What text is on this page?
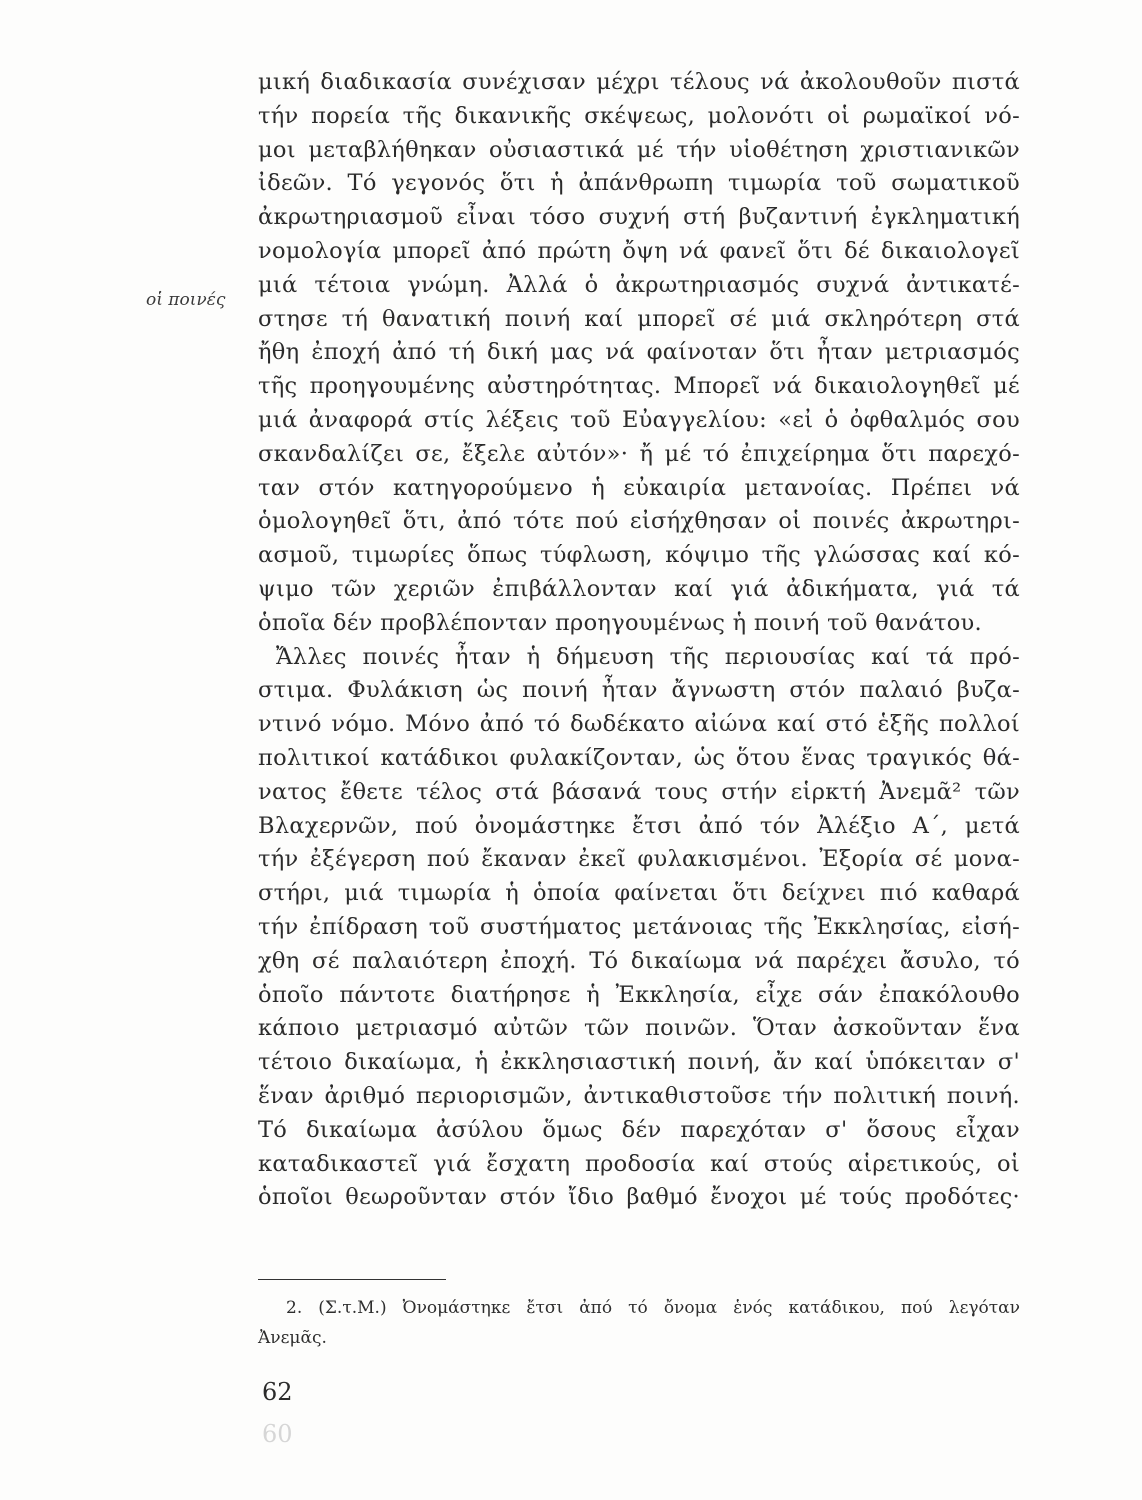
οἱ ποινές
μική διαδικασία συνέχισαν μέχρι τέλους νά ἀκολουθοῦν πιστά
τήν πορεία τῆς δικανικῆς σκέψεως, μολονότι οἱ ρωμαϊκοί νό-
μοι μεταβλήθηκαν οὐσιαστικά μέ τήν υἱοθέτηση χριστιανικῶν
ἰδεῶν. Τό γεγονός ὅτι ἡ ἀπάνθρωπη τιμωρία τοῦ σωματικοῦ
ἀκρωτηριασμοῦ εἶναι τόσο συχνή στή βυζαντινή ἐγκληματική
νομολογία μπορεῖ ἀπό πρώτη ὄψη νά φανεῖ ὅτι δέ δικαιολογεῖ
μιά τέτοια γνώμη. Ἀλλά ὁ ἀκρωτηριασμός συχνά ἀντικατέ-
στησε τή θανατική ποινή καί μπορεῖ σέ μιά σκληρότερη στά
ἤθη ἐποχή ἀπό τή δική μας νά φαίνοταν ὅτι ἦταν μετριασμός
τῆς προηγουμένης αὐστηρότητας. Μπορεῖ νά δικαιολογηθεῖ μέ
μιά ἀναφορά στίς λέξεις τοῦ Εὐαγγελίου: «εἰ ὁ ὀφθαλμός σου
σκανδαλίζει σε, ἔξελε αὐτόν»· ἤ μέ τό ἐπιχείρημα ὅτι παρεχό-
ταν στόν κατηγορούμενο ἡ εὐκαιρία μετανοίας. Πρέπει νά
ὁμολογηθεῖ ὅτι, ἀπό τότε πού εἰσήχθησαν οἱ ποινές ἀκρωτηρι-
ασμοῦ, τιμωρίες ὅπως τύφλωση, κόψιμο τῆς γλώσσας καί κό-
ψιμο τῶν χεριῶν ἐπιβάλλονταν καί γιά ἀδικήματα, γιά τά
ὁποῖα δέν προβλέπονταν προηγουμένως ἡ ποινή τοῦ θανάτου.
Ἄλλες ποινές ἦταν ἡ δήμευση τῆς περιουσίας καί τά πρό-
στιμα. Φυλάκιση ὡς ποινή ἦταν ἄγνωστη στόν παλαιό βυζα-
ντινό νόμο. Μόνο ἀπό τό δωδέκατο αἰώνα καί στό ἑξῆς πολλοί
πολιτικοί κατάδικοι φυλακίζονταν, ὡς ὅτου ἕνας τραγικός θά-
νατος ἔθετε τέλος στά βάσανά τους στήν εἱρκτή Ἀνεμᾶ² τῶν
Βλαχερνῶν, πού ὀνομάστηκε ἔτσι ἀπό τόν Ἀλέξιο Α΄, μετά
τήν ἐξέγερση πού ἔκαναν ἐκεῖ φυλακισμένοι. Ἐξορία σέ μονα-
στήρι, μιά τιμωρία ἡ ὁποία φαίνεται ὅτι δείχνει πιό καθαρά
τήν ἐπίδραση τοῦ συστήματος μετάνοιας τῆς Ἐκκλησίας, εἰσή-
χθη σέ παλαιότερη ἐποχή. Τό δικαίωμα νά παρέχει ἄσυλο, τό
ὁποῖο πάντοτε διατήρησε ἡ Ἐκκλησία, εἶχε σάν ἐπακόλουθο
κάποιο μετριασμό αὐτῶν τῶν ποινῶν. Ὅταν ἀσκοῦνταν ἕνα
τέτοιο δικαίωμα, ἡ ἐκκλησιαστική ποινή, ἄν καί ὑπόκειταν σ'
ἕναν ἀριθμό περιορισμῶν, ἀντικαθιστοῦσε τήν πολιτική ποινή.
Τό δικαίωμα ἀσύλου ὅμως δέν παρεχόταν σ' ὅσους εἶχαν
καταδικαστεῖ γιά ἔσχατη προδοσία καί στούς αἱρετικούς, οἱ
ὁποῖοι θεωροῦνταν στόν ἴδιο βαθμό ἔνοχοι μέ τούς προδότες·
2. (Σ.τ.Μ.) Ὀνομάστηκε ἔτσι ἀπό τό ὄνομα ἑνός κατάδικου, πού λεγόταν
Ἀνεμᾶς.
62
60
